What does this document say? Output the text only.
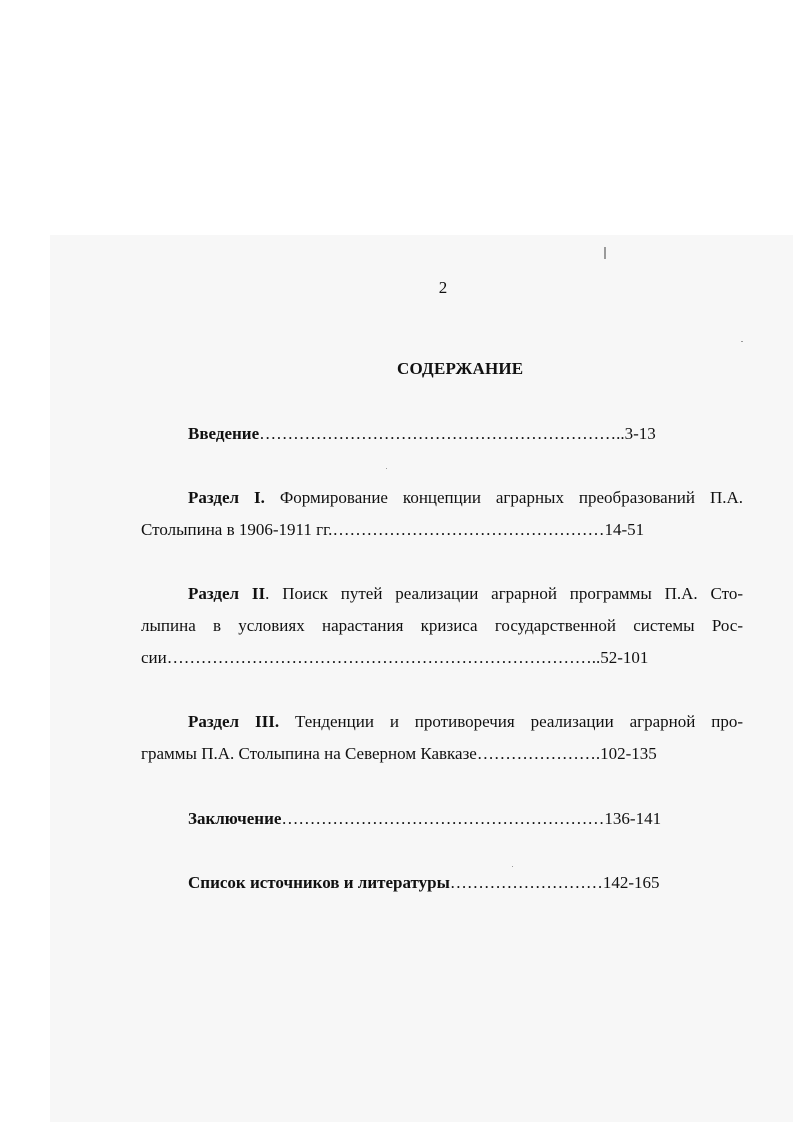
2
СОДЕРЖАНИЕ
Введение………………………………………………………..3-13
Раздел I. Формирование концепции аграрных преобразований П.А.
Столыпина в 1906-1911 гг.…………………………………………14-51
Раздел II. Поиск путей реализации аграрной программы П.А. Сто-
лыпина в условиях нарастания кризиса государственной системы Рос-
сии…………………………………………………………………..52-101
Раздел III. Тенденции и противоречия реализации аграрной про-
граммы П.А. Столыпина на Северном Кавказе………………….102-135
Заключение…………………………………………………136-141
Список источников и литературы………………………142-165
